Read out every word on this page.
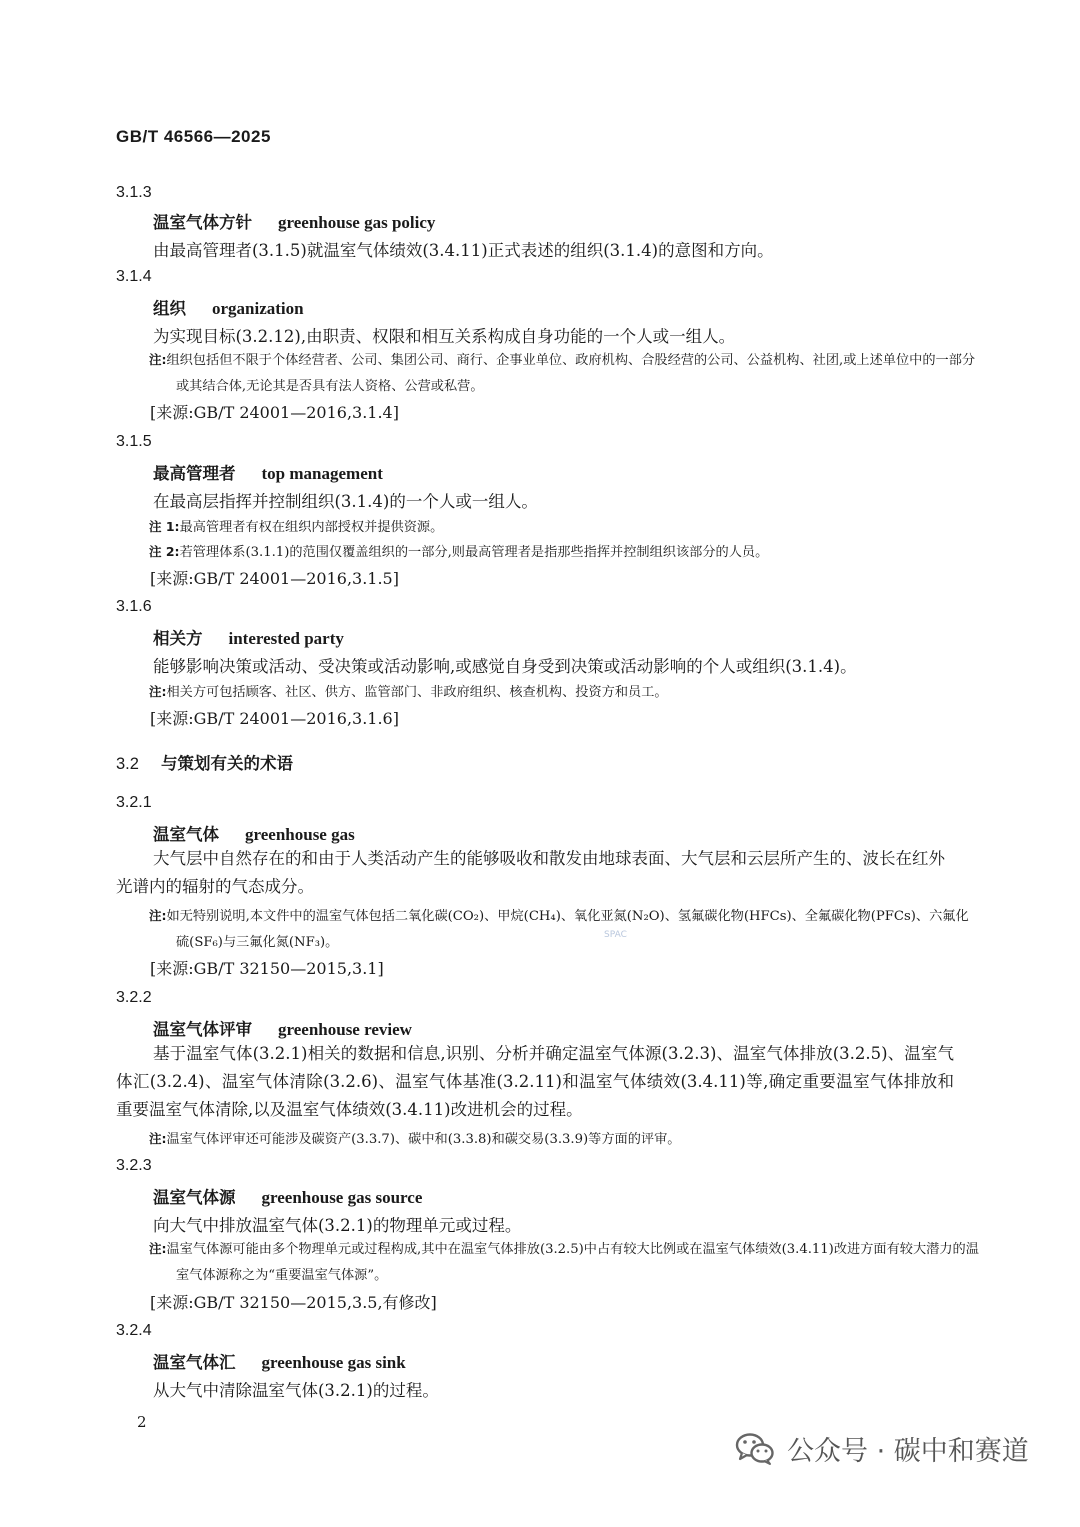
GB/T 46566—2025
3.1.3
温室气体方针 greenhouse gas policy
由最高管理者(3.1.5)就温室气体绩效(3.4.11)正式表述的组织(3.1.4)的意图和方向。
3.1.4
组织 organization
为实现目标(3.2.12),由职责、权限和相互关系构成自身功能的一个人或一组人。
注:组织包括但不限于个体经营者、公司、集团公司、商行、企事业单位、政府机构、合股经营的公司、公益机构、社团,或上述单位中的一部分或其结合体,无论其是否具有法人资格、公营或私营。
[来源:GB/T 24001—2016,3.1.4]
3.1.5
最高管理者 top management
在最高层指挥并控制组织(3.1.4)的一个人或一组人。
注 1:最高管理者有权在组织内部授权并提供资源。
注 2:若管理体系(3.1.1)的范围仅覆盖组织的一部分,则最高管理者是指那些指挥并控制组织该部分的人员。
[来源:GB/T 24001—2016,3.1.5]
3.1.6
相关方 interested party
能够影响决策或活动、受决策或活动影响,或感觉自身受到决策或活动影响的个人或组织(3.1.4)。
注:相关方可包括顾客、社区、供方、监管部门、非政府组织、核查机构、投资方和员工。
[来源:GB/T 24001—2016,3.1.6]
3.2 与策划有关的术语
3.2.1
温室气体 greenhouse gas
大气层中自然存在的和由于人类活动产生的能够吸收和散发由地球表面、大气层和云层所产生的、波长在红外光谱内的辐射的气态成分。
注:如无特别说明,本文件中的温室气体包括二氧化碳(CO₂)、甲烷(CH₄)、氧化亚氮(N₂O)、氢氟碳化物(HFCs)、全氟碳化物(PFCs)、六氟化硫(SF₆)与三氟化氮(NF₃)。	SPAC
[来源:GB/T 32150—2015,3.1]
3.2.2
温室气体评审 greenhouse review
基于温室气体(3.2.1)相关的数据和信息,识别、分析并确定温室气体源(3.2.3)、温室气体排放(3.2.5)、温室气体汇(3.2.4)、温室气体清除(3.2.6)、温室气体基准(3.2.11)和温室气体绩效(3.4.11)等,确定重要温室气体排放和重要温室气体清除,以及温室气体绩效(3.4.11)改进机会的过程。
注:温室气体评审还可能涉及碳资产(3.3.7)、碳中和(3.3.8)和碳交易(3.3.9)等方面的评审。
3.2.3
温室气体源 greenhouse gas source
向大气中排放温室气体(3.2.1)的物理单元或过程。
注:温室气体源可能由多个物理单元或过程构成,其中在温室气体排放(3.2.5)中占有较大比例或在温室气体绩效(3.4.11)改进方面有较大潜力的温室气体源称之为“重要温室气体源”。
[来源:GB/T 32150—2015,3.5,有修改]
3.2.4
温室气体汇 greenhouse gas sink
从大气中清除温室气体(3.2.1)的过程。
2
公众号 · 碳中和赛道
